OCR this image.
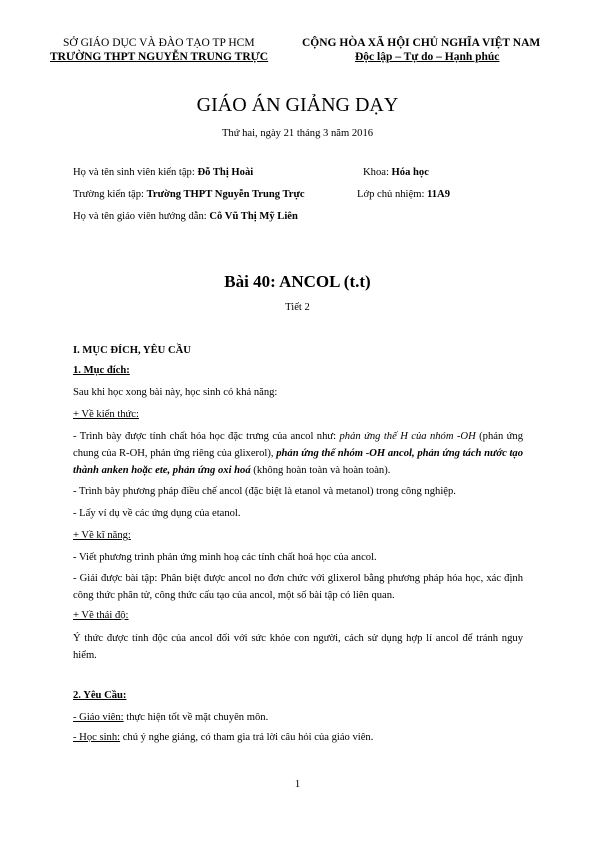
SỞ GIÁO DỤC VÀ ĐÀO TẠO TP HCM
TRƯỜNG THPT NGUYỄN TRUNG TRỰC
CỘNG HÒA XÃ HỘI CHỦ NGHĨA VIỆT NAM
Độc lập – Tự do – Hạnh phúc
GIÁO ÁN GIẢNG DẠY
Thứ hai, ngày 21 tháng 3 năm 2016
Họ và tên sinh viên kiến tập: Đỗ Thị Hoài	Khoa: Hóa học
Trường kiến tập: Trường THPT Nguyễn Trung Trực	Lớp chủ nhiệm: 11A9
Họ và tên giáo viên hướng dẫn: Cô Vũ Thị Mỹ Liên
Bài 40: ANCOL (t.t)
Tiết 2
I. MỤC ĐÍCH, YÊU CẦU
1. Mục đích:
Sau khi học xong bài này, học sinh có khả năng:
+ Về kiến thức:
- Trình bày được tính chất hóa học đặc trưng của ancol như: phản ứng thế H của nhóm -OH (phản ứng chung của R-OH, phản ứng riêng của glixerol), phản ứng thế nhóm -OH ancol, phản ứng tách nước tạo thành anken hoặc ete, phản ứng oxi hoá (không hoàn toàn và hoàn toàn).
- Trình bày phương pháp điều chế ancol (đặc biệt là etanol và metanol) trong công nghiệp.
- Lấy ví dụ về các ứng dụng của etanol.
+ Về kĩ năng:
- Viết phương trình phản ứng minh hoạ các tính chất hoá học của ancol.
- Giải được bài tập: Phân biệt được ancol no đơn chức với glixerol bằng phương pháp hóa học, xác định công thức phân tử, công thức cấu tạo của ancol, một số bài tập có liên quan.
+ Về thái độ:
Ý thức được tính độc của ancol đối với sức khỏe con người, cách sử dụng hợp lí ancol để tránh nguy hiểm.
2. Yêu Cầu:
- Giáo viên: thực hiện tốt về mặt chuyên môn.
- Học sinh: chú ý nghe giảng, có tham gia trả lời câu hỏi của giáo viên.
1
